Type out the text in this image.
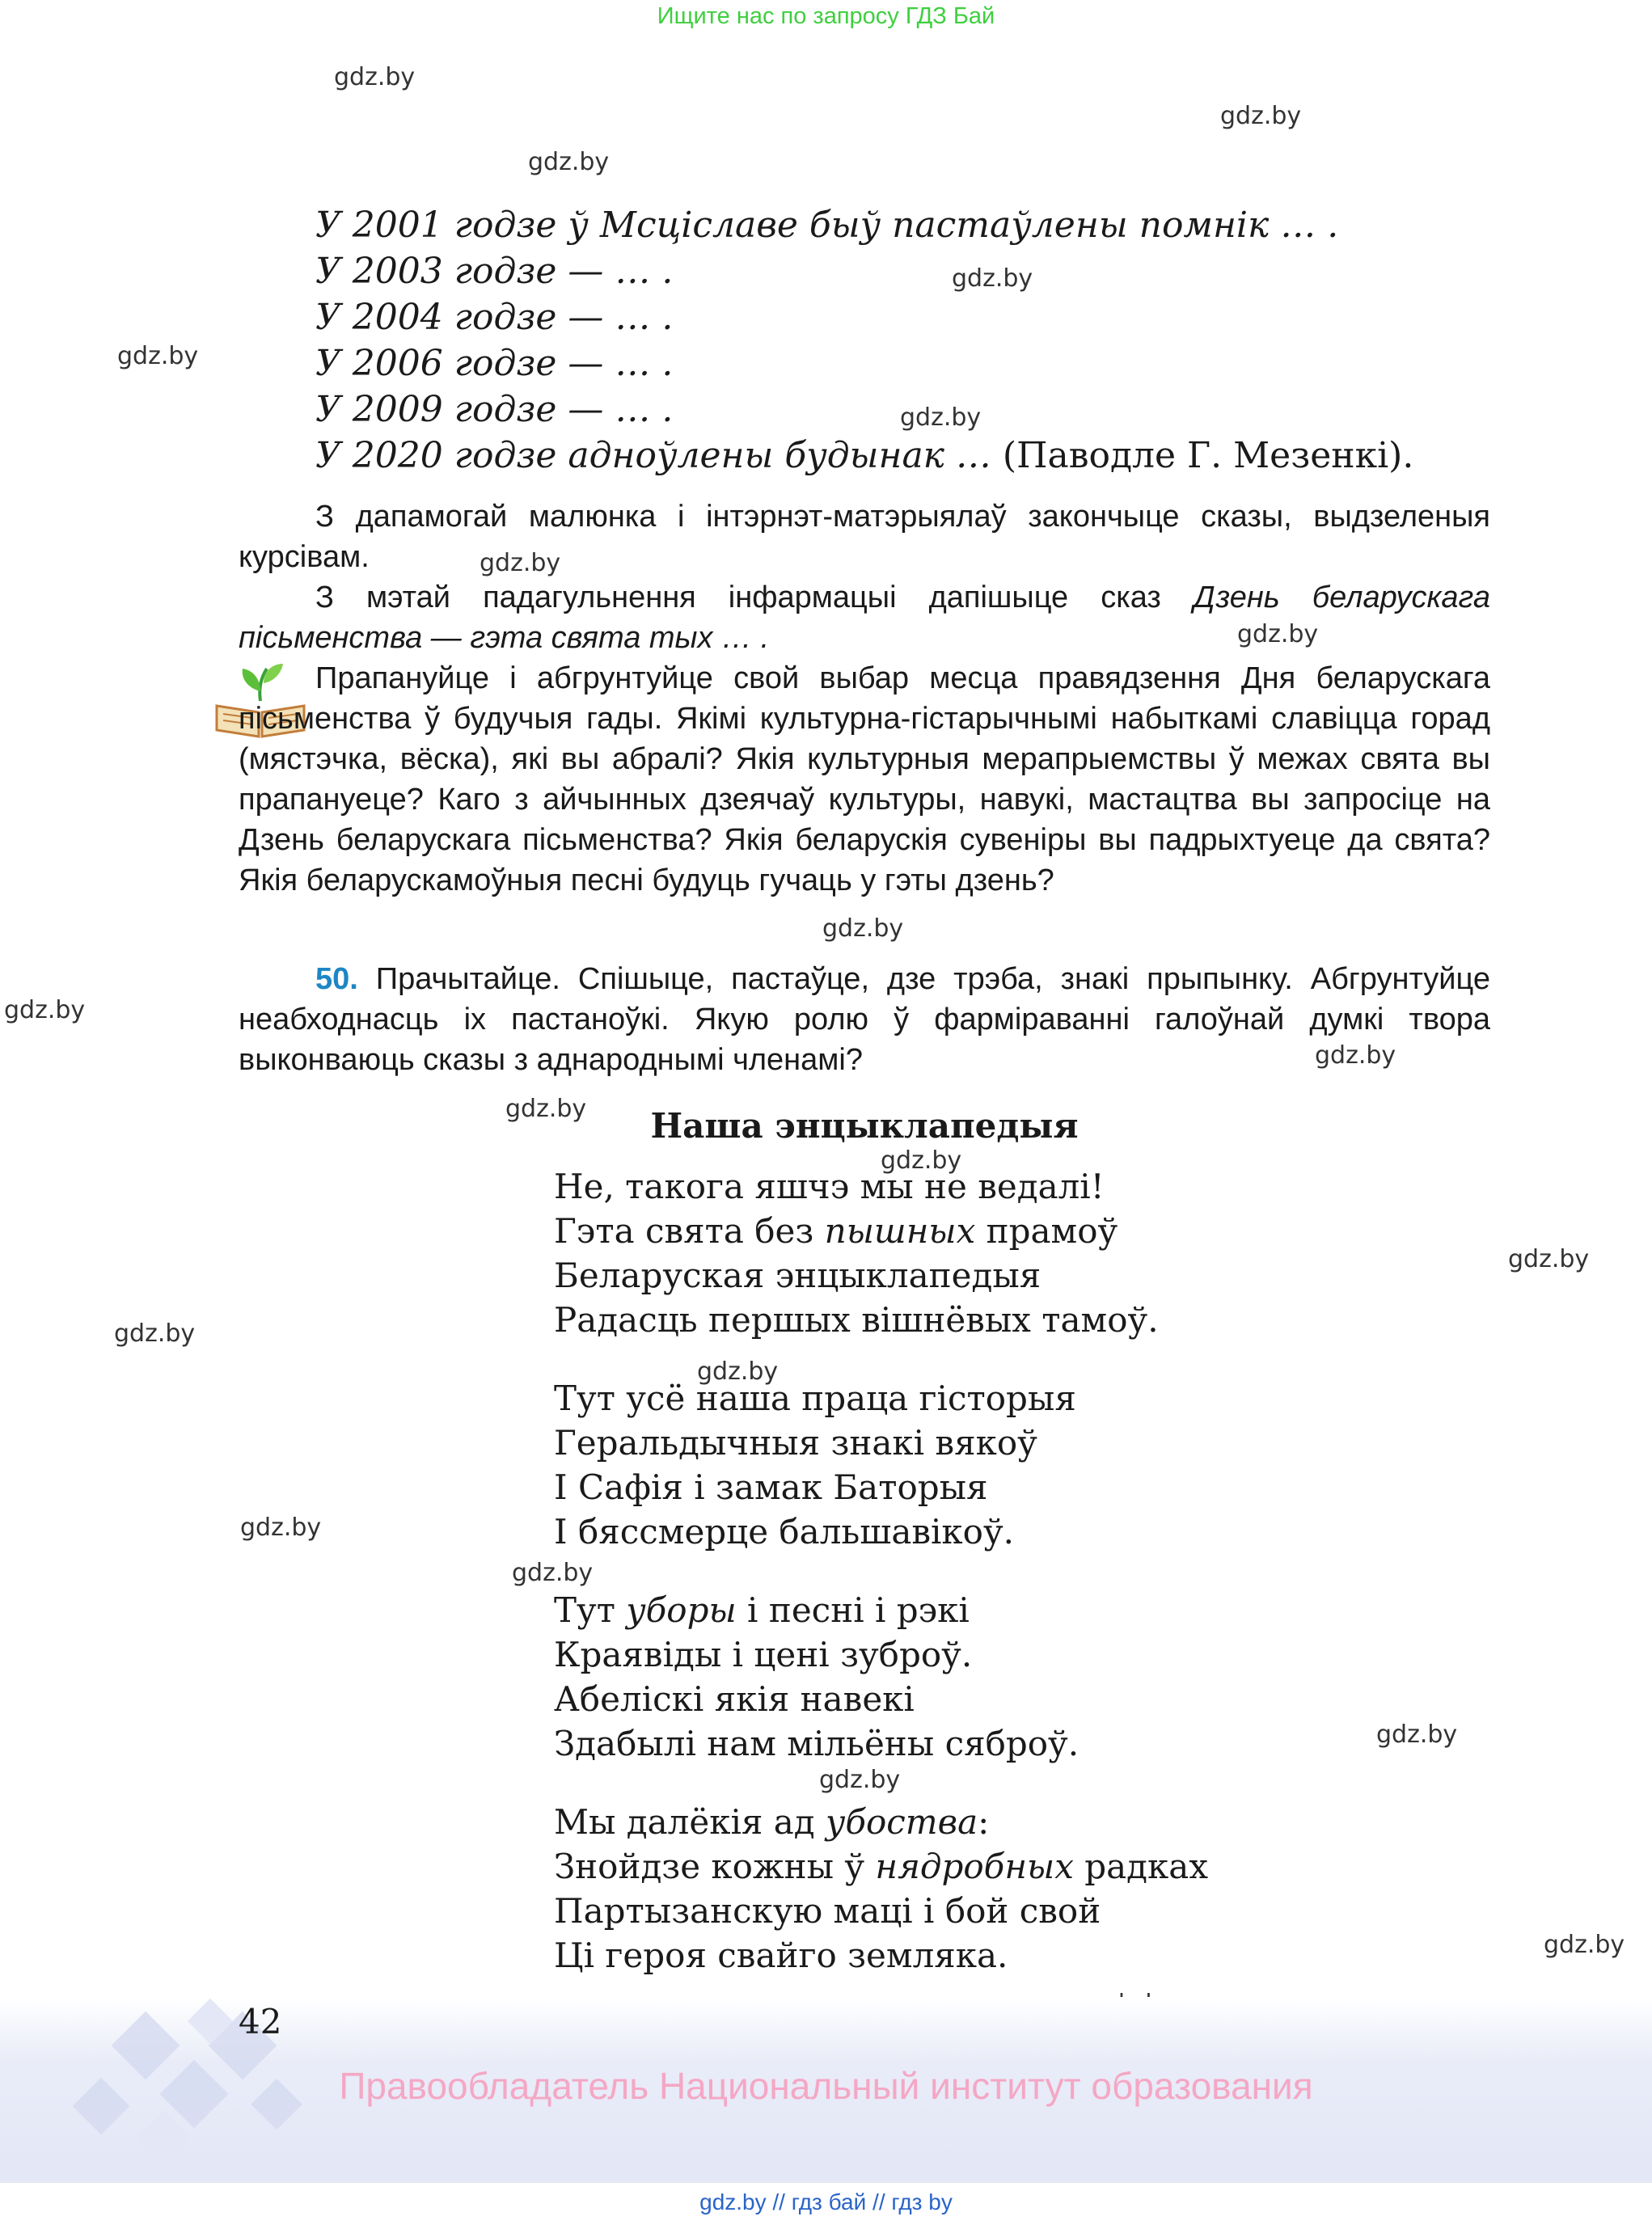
Ищите нас по запросу ГДЗ Бай
gdz.by
gdz.by
gdz.by
gdz.by
gdz.by
gdz.by
gdz.by
gdz.by
gdz.by
gdz.by
gdz.by
gdz.by
gdz.by
gdz.by
gdz.by
gdz.by
gdz.by
gdz.by
gdz.by
gdz.by
gdz.by
У 2001 годзе ў Мсціславе быў пастаўлены помнік … .
У 2003 годзе — … .
У 2004 годзе — … .
У 2006 годзе — … .
У 2009 годзе — … .
У 2020 годзе аднoўлены будынак … (Паводле Г. Мезенкі).
З дапамогай малюнка і інтэрнэт-матэрыялаў закончыце сказы, выдзеленыя курсівам.
З мэтай падагульнення інфармацыі дапішыце сказ Дзень беларускага пісьменства — гэта свята тых … .
Прапануйце і абгрунтуйце свой выбар месца правядзення Дня беларускага пісьменства ў будучыя гады. Якімі культурна-гістарычнымі набыткамі славіцца горад (мястэчка, вёска), які вы абралі? Якія культурныя мерапрыемствы ў межах свята вы прапануеце? Каго з айчынных дзеячаў культуры, навукі, мастацтва вы запросіце на Дзень беларускага пісьменства? Якія беларускія сувеніры вы падрыхтуеце да свята? Якія беларускамоўныя песні будуць гучаць у гэты дзень?
50. Прачытайце. Спішыце, пастаўце, дзе трэба, знакі прыпынку. Абгрунтуйце неабходнасць іх пастаноўкі. Якую ролю ў фарміраванні галоўнай думкі твора выконваюць сказы з аднароднымі членамі?
Наша энцыклапедыя
Не, такога яшчэ мы не ведалі!
Гэта свята без пышных прамоў
Беларуская энцыклапедыя
Радасць першых вішнёвых тамоў.
Тут усё наша праца гісторыя
Геральдычныя знакі вякоў
І Сафія і замак Баторыя
І бяссмерце бальшавікоў.
Тут уборы і песні і рэкі
Краявіды і цені зуброў.
Абеліскі якія навекі
Здабылі нам мільёны сяброў.
Мы далёкія ад убоства:
Знойдзе кожны ў нядробных радках
Партызанскую маці і бой свой
Ці героя свайго земляка.
42
Правообладатель Национальный институт образования
gdz.by // гдз бай // гдз by
